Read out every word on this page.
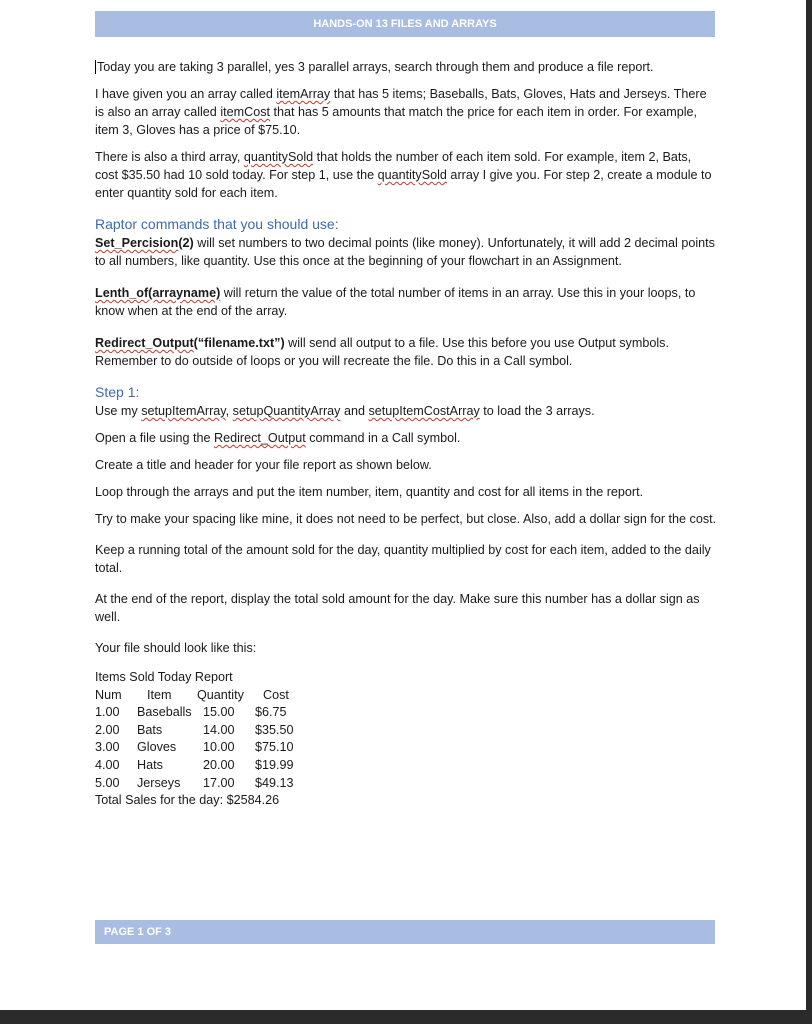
HANDS-ON 13 FILES AND ARRAYS

Today you are taking 3 parallel, yes 3 parallel arrays, search through them and produce a file report.

I have given you an array called itemArray that has 5 items; Baseballs, Bats, Gloves, Hats and Jerseys. There is also an array called itemCost that has 5 amounts that match the price for each item in order. For example, item 3, Gloves has a price of $75.10.

There is also a third array, quantitySold that holds the number of each item sold. For example, item 2, Bats, cost $35.50 had 10 sold today. For step 1, use the quantitySold array I give you. For step 2, create a module to enter quantity sold for each item.

Raptor commands that you should use:

Set_Percision(2) will set numbers to two decimal points (like money). Unfortunately, it will add 2 decimal points to all numbers, like quantity. Use this once at the beginning of your flowchart in an Assignment.

Lenth_of(arrayname) will return the value of the total number of items in an array. Use this in your loops, to know when at the end of the array.

Redirect_Output(“filename.txt”) will send all output to a file. Use this before you use Output symbols. Remember to do outside of loops or you will recreate the file. Do this in a Call symbol.

Step 1:

Use my setupItemArray, setupQuantityArray and setupItemCostArray to load the 3 arrays.

Open a file using the Redirect_Output command in a Call symbol.

Create a title and header for your file report as shown below.

Loop through the arrays and put the item number, item, quantity and cost for all items in the report.

Try to make your spacing like mine, it does not need to be perfect, but close. Also, add a dollar sign for the cost.

Keep a running total of the amount sold for the day, quantity multiplied by cost for each item, added to the daily total.

At the end of the report, display the total sold amount for the day. Make sure this number has a dollar sign as well.

Your file should look like this:

Items Sold Today Report
Num Item Quantity Cost
1.00 Baseballs 15.00 $6.75
2.00 Bats	14.00 $35.50
3.00 Gloves 10.00 $75.10
4.00 Hats	20.00 $19.99
5.00 Jerseys 17.00 $49.13
Total Sales for the day: $2584.26
PAGE 1 OF 3
